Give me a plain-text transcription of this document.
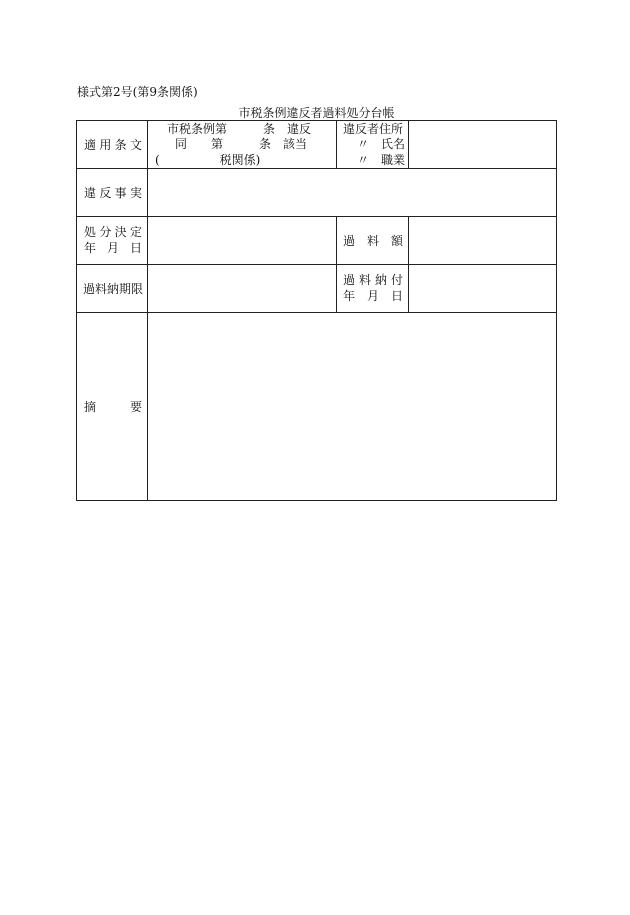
様式第2号(第9条関係)
市税条例違反者過料処分台帳
適 用 条 文
市税条例第　　　条　違反
同　　第　　　条　該当
(　　　　　税関係)
違反者住所
〃　氏名
〃　職業
違 反 事 実
処 分 決 定
年 月 日	過 料 額
過料納期限
過 料 納 付
年 月 日
摘	要
